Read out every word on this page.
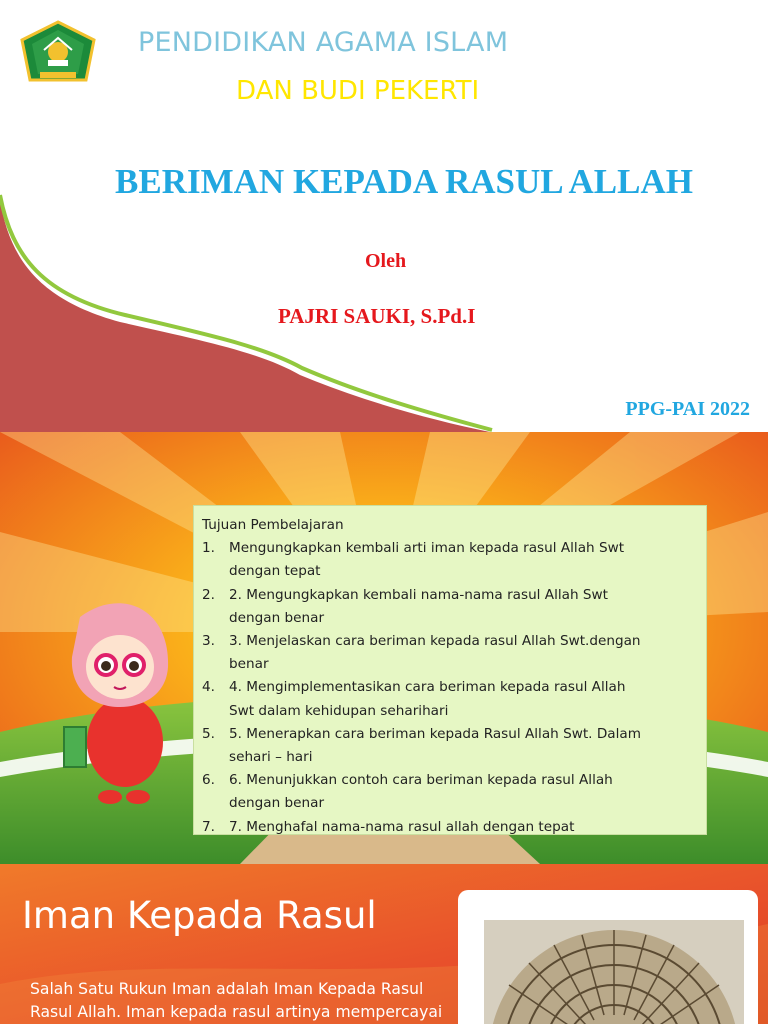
PENDIDIKAN AGAMA ISLAM
DAN BUDI PEKERTI
BERIMAN KEPADA RASUL ALLAH
Oleh
PAJRI SAUKI, S.Pd.I
PPG-PAI 2022
Tujuan Pembelajaran
1. Mengungkapkan kembali arti iman kepada rasul Allah Swt
dengan tepat
2. 2. Mengungkapkan kembali nama-nama rasul Allah Swt
dengan benar
3. 3. Menjelaskan cara beriman kepada rasul Allah Swt.dengan
benar
4. 4. Mengimplementasikan cara beriman kepada rasul Allah
Swt dalam kehidupan seharihari
5. 5. Menerapkan cara beriman kepada Rasul Allah Swt. Dalam
sehari – hari
6. 6. Menunjukkan contoh cara beriman kepada rasul Allah
dengan benar
7. 7. Menghafal nama-nama rasul allah dengan tepat
Iman Kepada Rasul
Salah Satu Rukun Iman adalah Iman Kepada Rasul
Rasul Allah. Iman kepada rasul artinya mempercayai
